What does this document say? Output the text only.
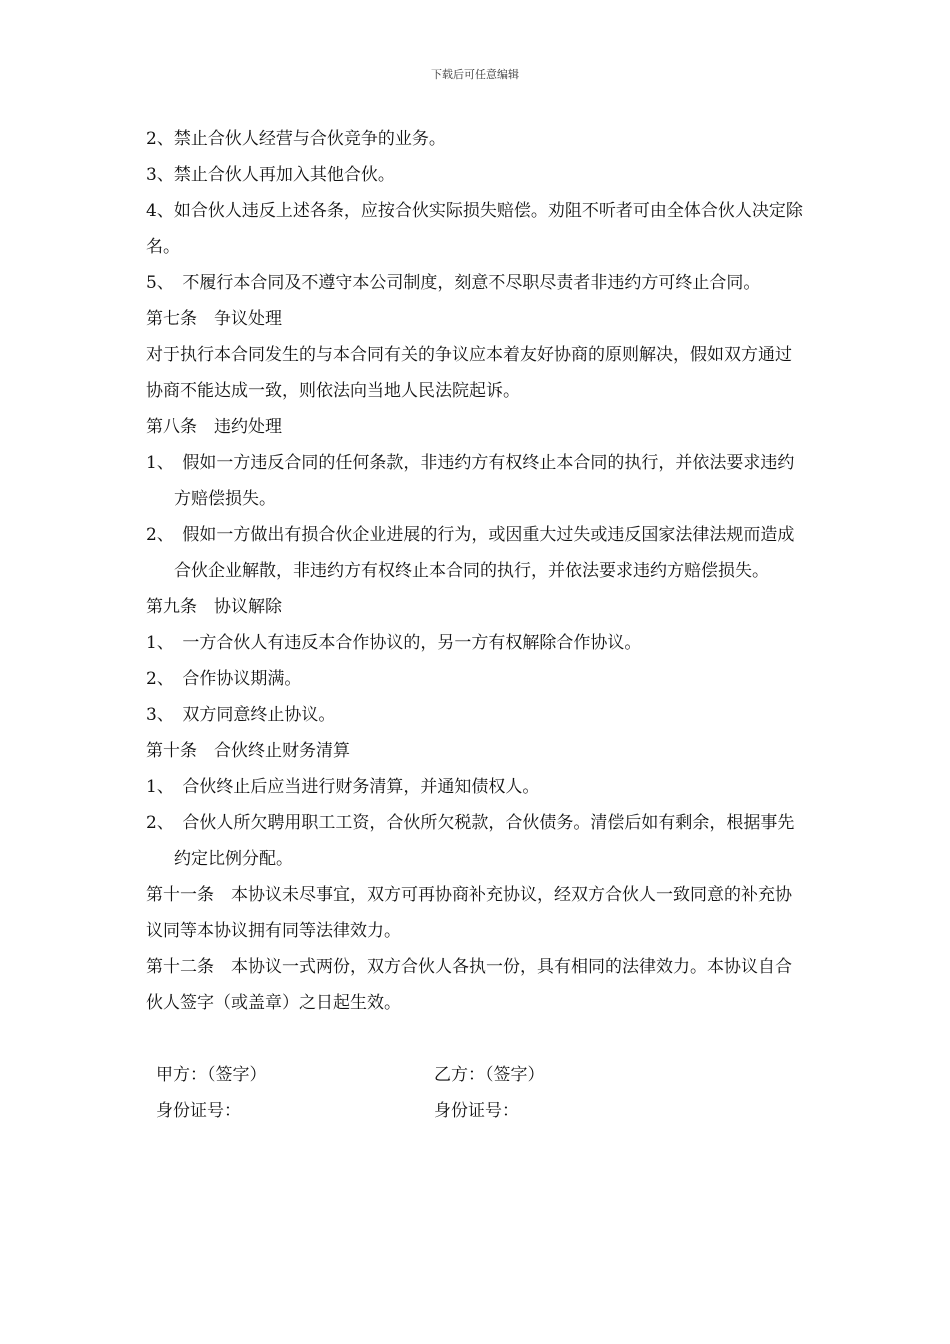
下载后可任意编辑

2、禁止合伙人经营与合伙竞争的业务。

3、禁止合伙人再加入其他合伙。

4、如合伙人违反上述各条，应按合伙实际损失赔偿。劝阻不听者可由全体合伙人决定除名。

5、　不履行本合同及不遵守本公司制度，刻意不尽职尽责者非违约方可终止合同。

第七条　争议处理

对于执行本合同发生的与本合同有关的争议应本着友好协商的原则解决，假如双方通过协商不能达成一致，则依法向当地人民法院起诉。

第八条　违约处理

1、　假如一方违反合同的任何条款，非违约方有权终止本合同的执行，并依法要求违约方赔偿损失。

2、　假如一方做出有损合伙企业进展的行为，或因重大过失或违反国家法律法规而造成合伙企业解散，非违约方有权终止本合同的执行，并依法要求违约方赔偿损失。

第九条　协议解除

1、　一方合伙人有违反本合作协议的，另一方有权解除合作协议。

2、　合作协议期满。

3、　双方同意终止协议。

第十条　合伙终止财务清算

1、　合伙终止后应当进行财务清算，并通知债权人。

2、　合伙人所欠聘用职工工资，合伙所欠税款，合伙债务。清偿后如有剩余，根据事先约定比例分配。

第十一条　本协议未尽事宜，双方可再协商补充协议，经双方合伙人一致同意的补充协议同等本协议拥有同等法律效力。

第十二条　本协议一式两份，双方合伙人各执一份，具有相同的法律效力。本协议自合伙人签字（或盖章）之日起生效。

甲方：（签字）	乙方：（签字）
身份证号：	身份证号：
